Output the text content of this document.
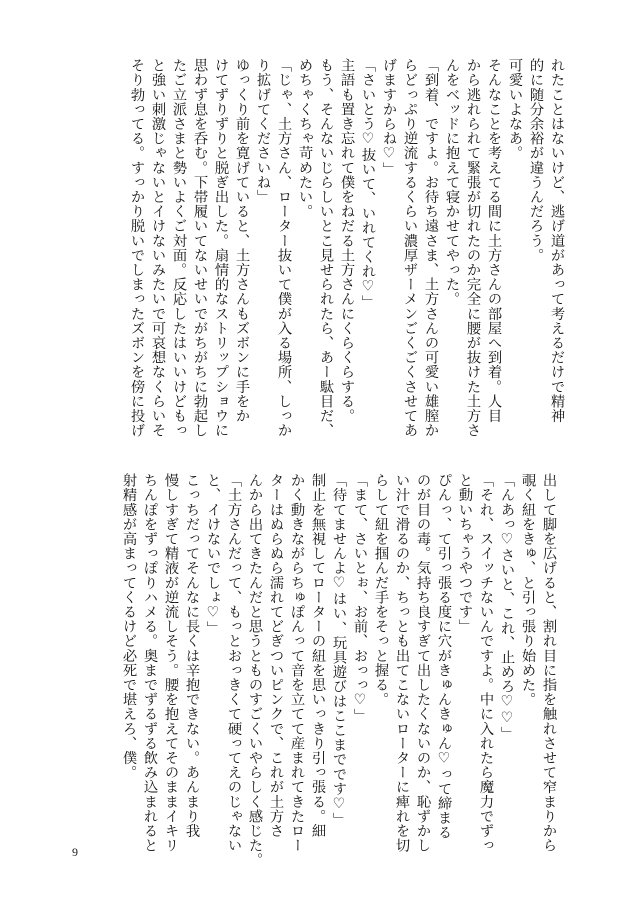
れたことはないけど、逃げ道があって考えるだけで精神
的に随分余裕が違うんだろう。
可愛いよなあ。
そんなことを考えてる間に土方さんの部屋へ到着。人目
から逃れられて緊張が切れたのか完全に腰が抜けた土方さ
んをベッドに抱えて寝かせてやった。
「到着、ですよ。お待ち遠さま、土方さんの可愛い雄膣か
らどっぷり逆流するくらい濃厚ザーメンごくごくさせてあ
げますからね♡」
「さいとう♡抜いて、いれてくれ♡」
主語も置き忘れて僕をねだる土方さんにくらくらする。
もう、そんないじらしいとこ見せられたら、あー駄目だ、
めちゃくちゃ苛めたい。
「じゃ、土方さん、ローター抜いて僕が入る場所、しっか
り拡げてくださいね」
ゆっくり前を寛げていると、土方さんもズボンに手をか
けてずりずりと脱ぎ出した。扇情的なストリップショウに
思わず息を呑む。下帯履いてないせいでがちがちに勃起し
たご立派さまと勢いよくご対面。反応したはいいけどもっ
と強い刺激じゃないとイけないみたいで可哀想なくらいそ
そり勃ってる。すっかり脱いでしまったズボンを傍に投げ
出して脚を広げると、割れ目に指を触れさせて窄まりから
覗く紐をきゅ、と引っ張り始めた。
「んあっ♡さいと、これ、止めろ♡♡」
「それ、スイッチないんですよ。中に入れたら魔力でずっ
と動いちゃうやつです」
ぴんっ、て引っ張る度に穴がきゅんきゅん♡って締まる
のが目の毒。気持ち良すぎて出したくないのか、恥ずかし
い汁で滑るのか、ちっとも出てこないローターに痺れを切
らして紐を掴んだ手をそっと握る。
「まて、さいとぉ、お前、おっっ♡」
「待てませんよ♡はい、玩具遊びはここまでです♡」
制止を無視してローターの紐を思いっきり引っ張る。細
かく動きながらちゅぽんって音を立てて産まれてきたロー
ターはぬらぬら濡れてどぎついピンクで、これが土方さ
んから出てきたんだと思うとものすごくいやらしく感じた。
「土方さんだって、もっとおっきくて硬ってえのじゃない
と、イけないでしょ♡」
こっちだってそんなに長くは辛抱できない。あんまり我
慢しすぎて精液が逆流しそう。腰を抱えてそのままイキリ
ちんぽをずっぽりハメる。奥までずるずる飲み込まれると
射精感が高まってくるけど必死で堪えろ、僕。
9
